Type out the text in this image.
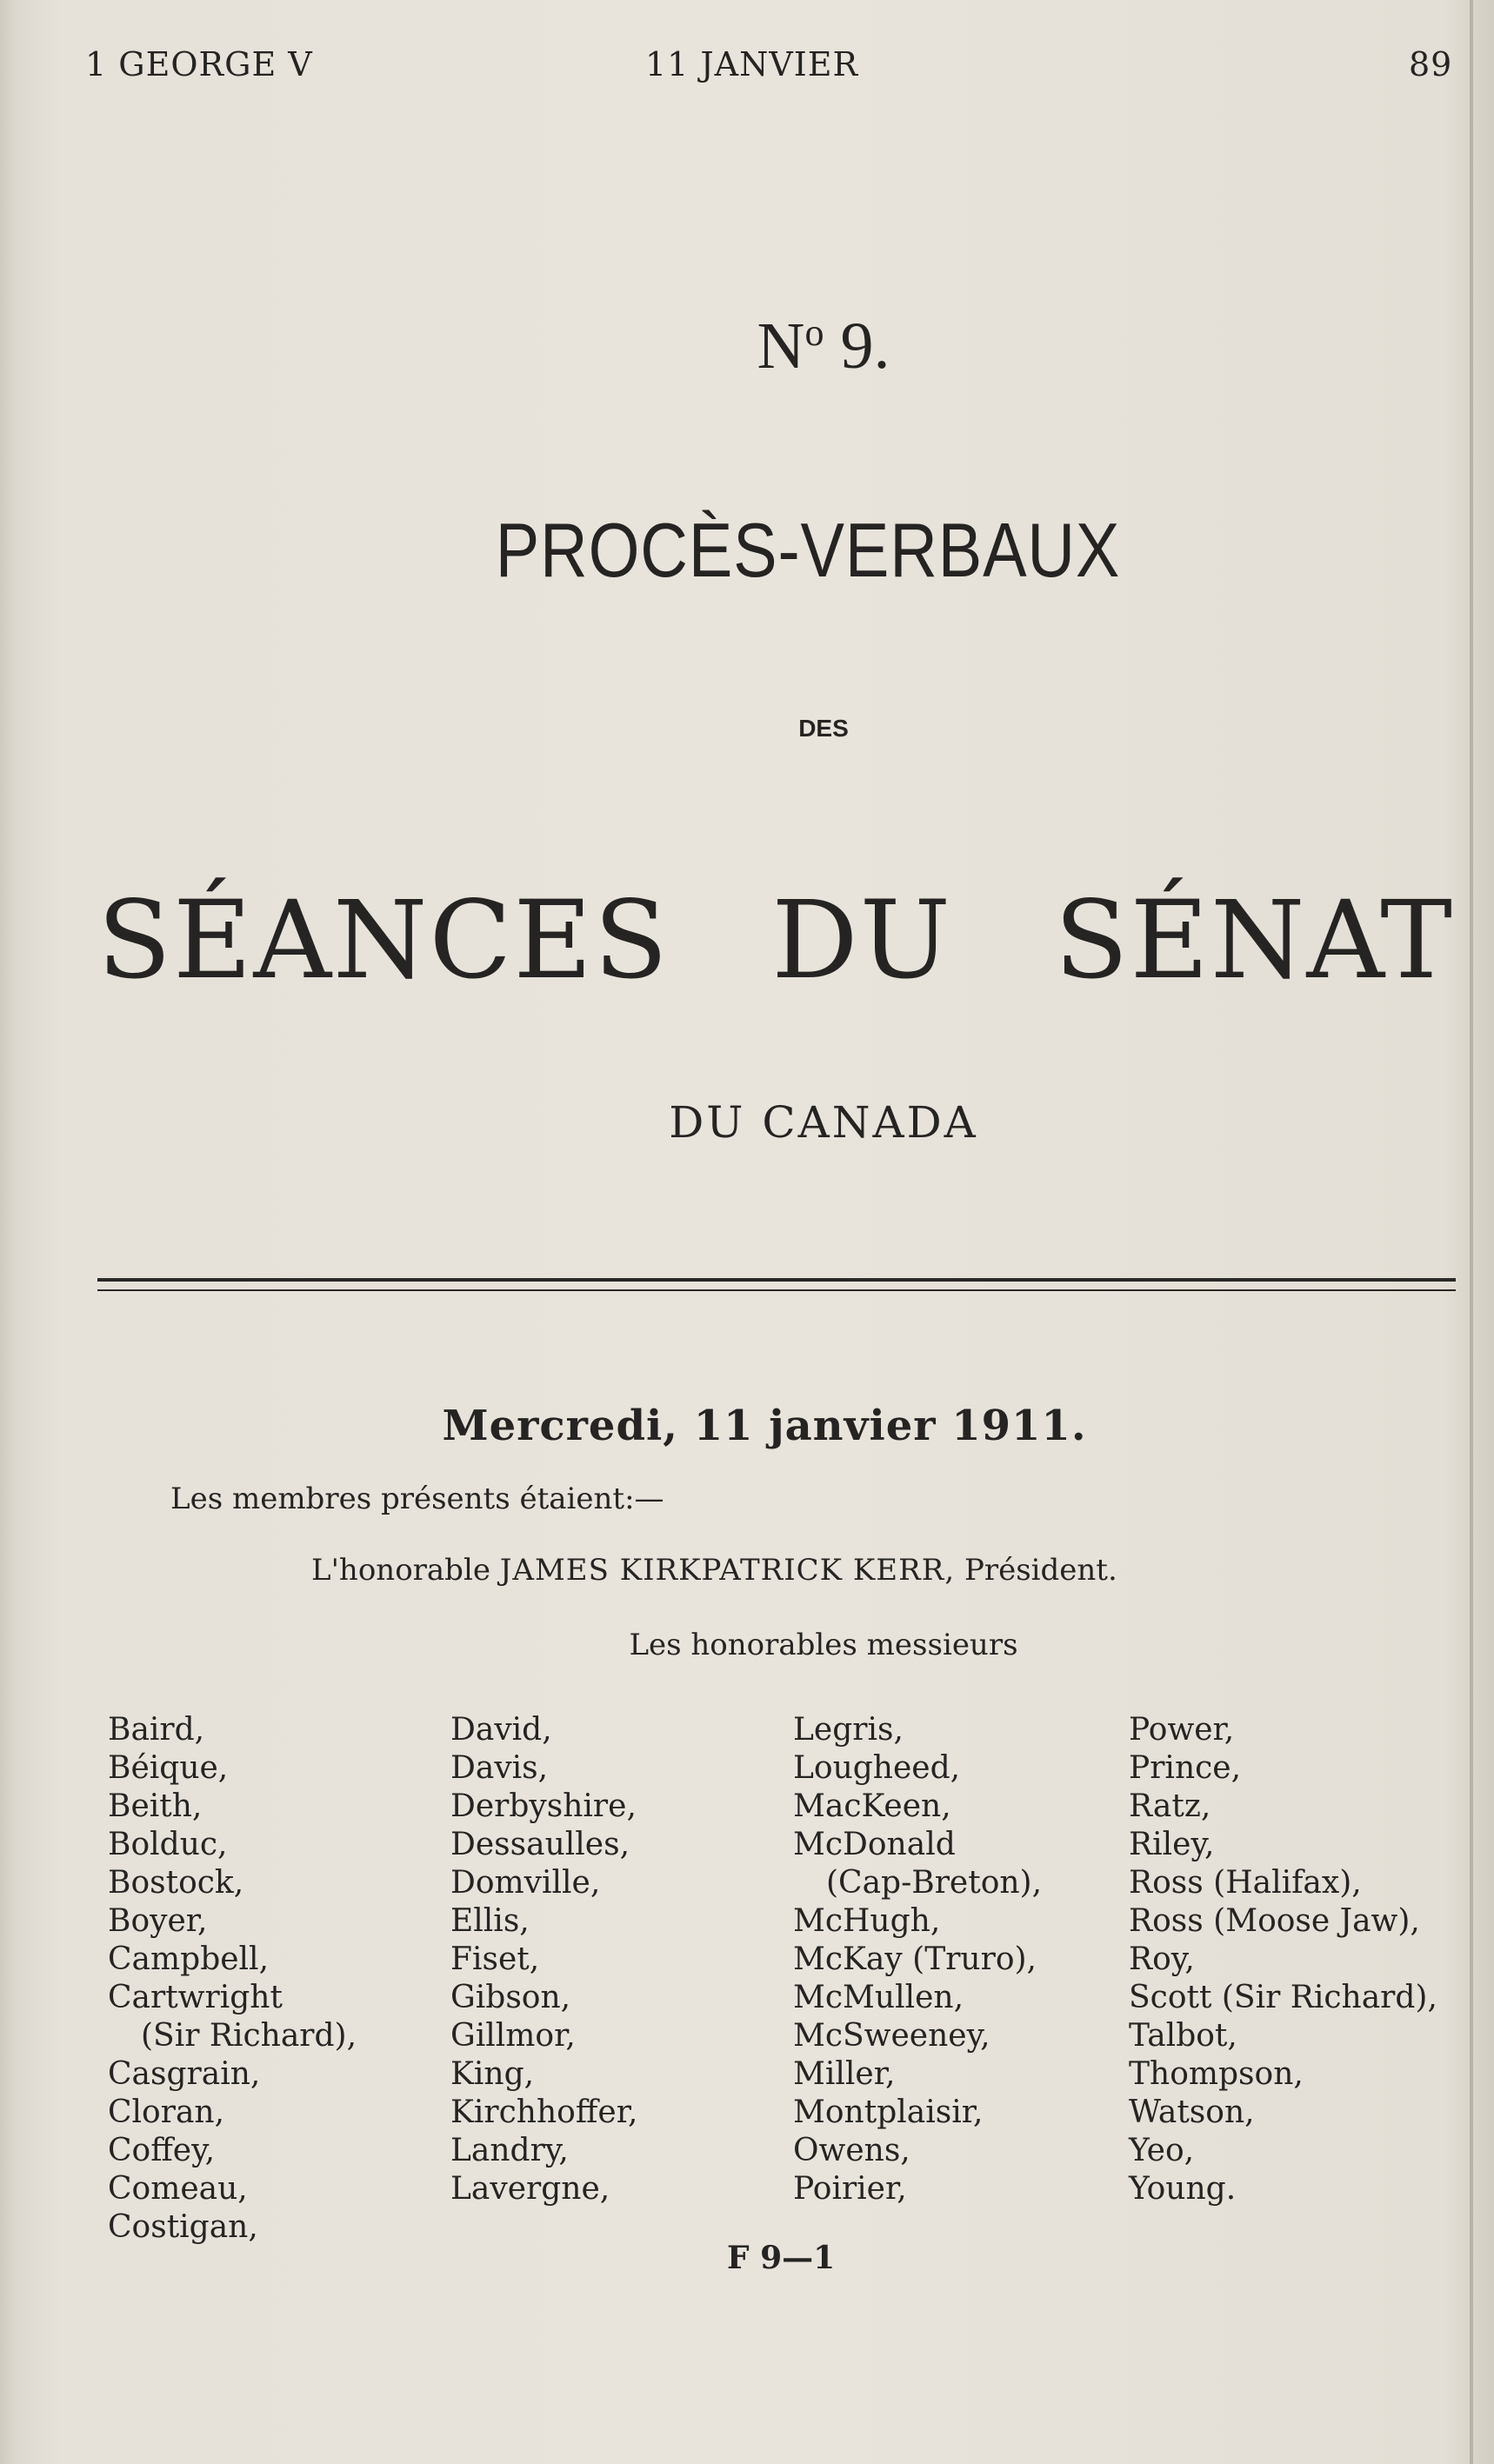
1 GEORGE V	11 JANVIER	89
$N^o$ 9.
PROCÈS-VERBAUX
DES
SÉANCES DU SÉNAT
DU CANADA
Mercredi, 11 janvier 1911.
Les membres présents étaient:—
L'honorable JAMES KIRKPATRICK KERR, Président.
Les honorables messieurs
Baird,
Béique,
Beith,
Bolduc,
Bostock,
Boyer,
Campbell,
Cartwright
(Sir Richard),
Casgrain,
Cloran,
Coffey,
Comeau,
Costigan,
David,
Davis,
Derbyshire,
Dessaulles,
Domville,
Ellis,
Fiset,
Gibson,
Gillmor,
King,
Kirchhoffer,
Landry,
Lavergne,
Legris,
Lougheed,
MacKeen,
McDonald
(Cap-Breton),
McHugh,
McKay (Truro),
McMullen,
McSweeney,
Miller,
Montplaisir,
Owens,
Poirier,
Power,
Prince,
Ratz,
Riley,
Ross (Halifax),
Ross (Moose Jaw),
Roy,
Scott (Sir Richard),
Talbot,
Thompson,
Watson,
Yeo,
Young.
F 9—1
